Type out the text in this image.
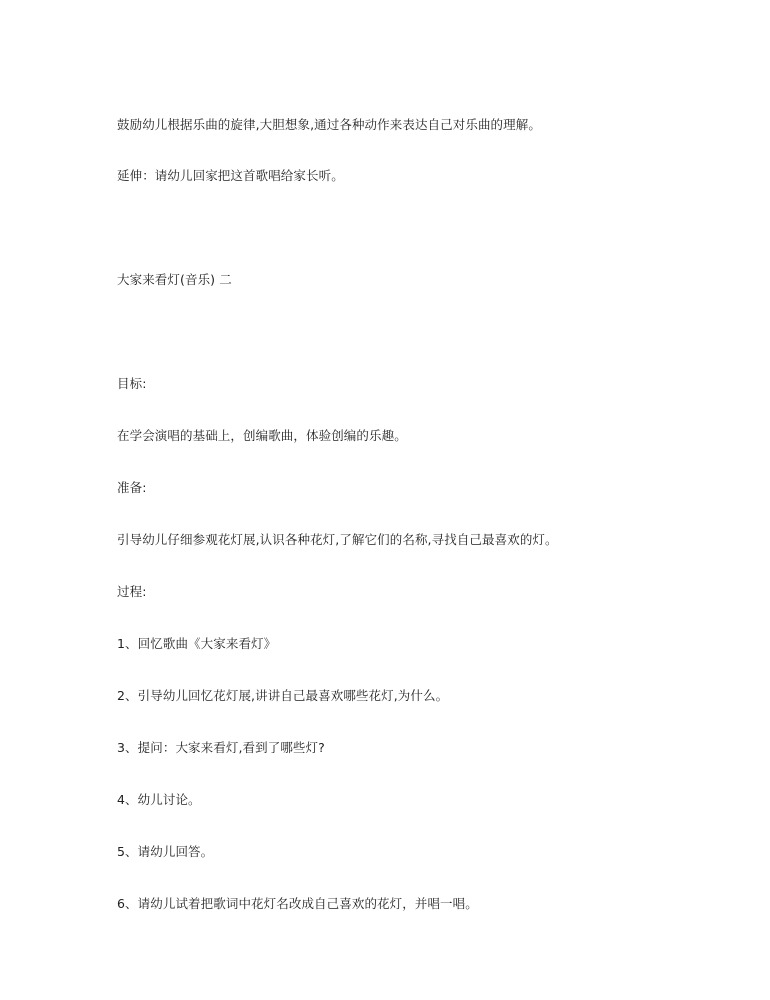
鼓励幼儿根据乐曲的旋律,大胆想象,通过各种动作来表达自己对乐曲的理解。

延伸：请幼儿回家把这首歌唱给家长听。

大家来看灯(音乐) 二

目标:

在学会演唱的基础上，创编歌曲，体验创编的乐趣。

准备:

引导幼儿仔细参观花灯展,认识各种花灯,了解它们的名称,寻找自己最喜欢的灯。

过程:

1、回忆歌曲《大家来看灯》

2、引导幼儿回忆花灯展,讲讲自己最喜欢哪些花灯,为什么。

3、提问：大家来看灯,看到了哪些灯?

4、幼儿讨论。

5、请幼儿回答。

6、请幼儿试着把歌词中花灯名改成自己喜欢的花灯，并唱一唱。
